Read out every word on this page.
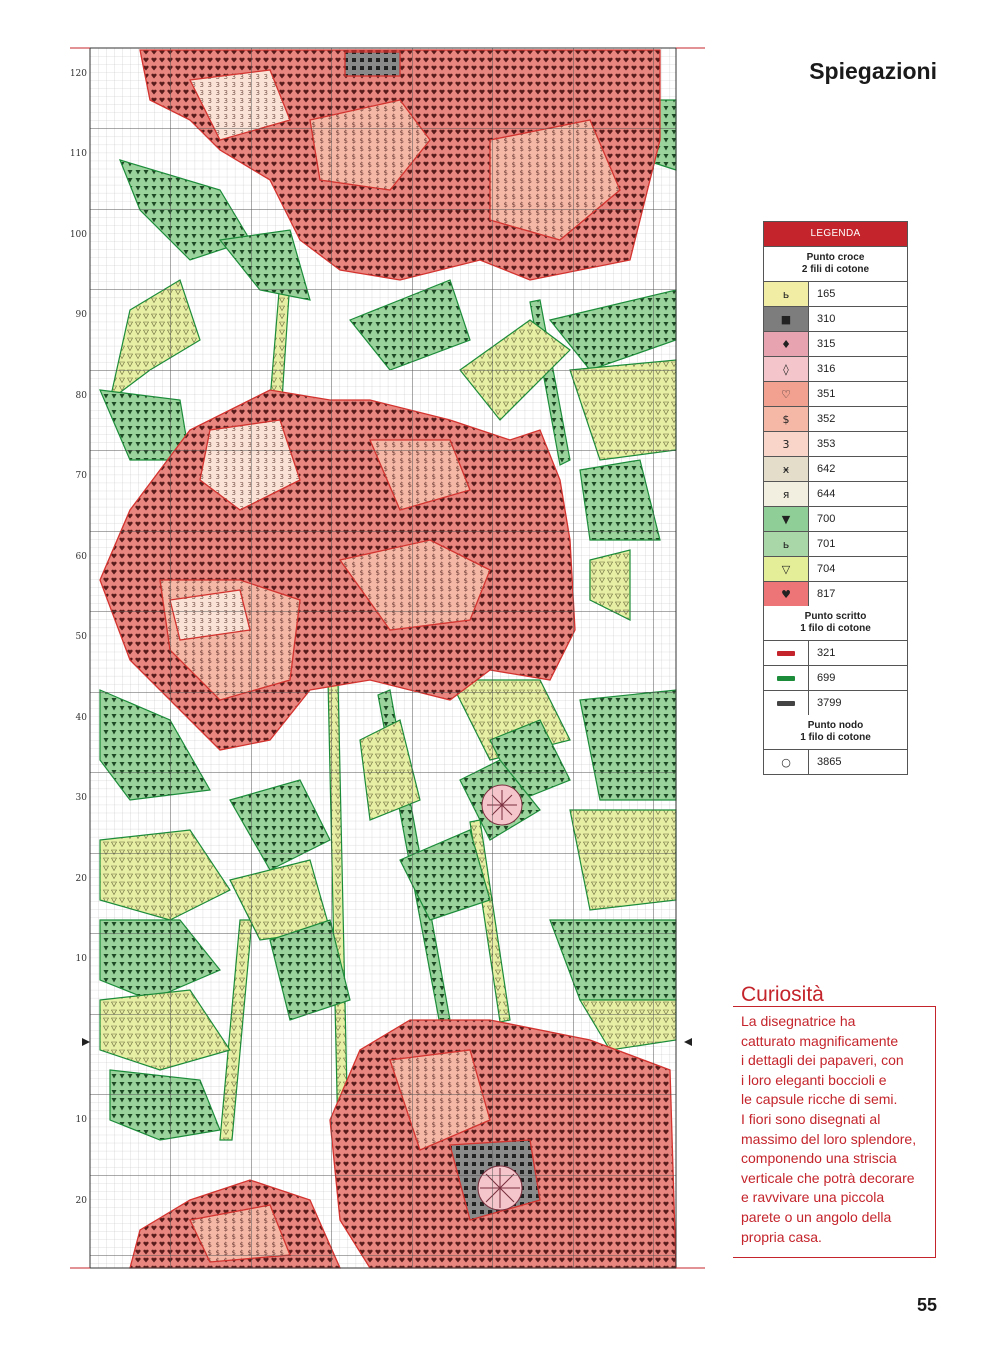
120
110
100
90
80
70
60
50
40
30
20
10
10
20
Spiegazioni
LEGENDA
Punto croce
2 fili di cotone
ь	165
■	310
♦	315
◊	316
♡	351
$	352
3	353
ӿ	642
я	644
▼	700
ь	701
▽	704
♥	817
Punto scritto
1 filo di cotone
321
699
3799
Punto nodo
1 filo di cotone
○	3865
Curiosità
La disegnatrice ha
catturato magnificamente
i dettagli dei papaveri, con
i loro eleganti boccioli e
le capsule ricche di semi.
I fiori sono disegnati al
massimo del loro splendore,
componendo una striscia
verticale che potrà decorare
e ravvivare una piccola
parete o un angolo della
propria casa.
55
